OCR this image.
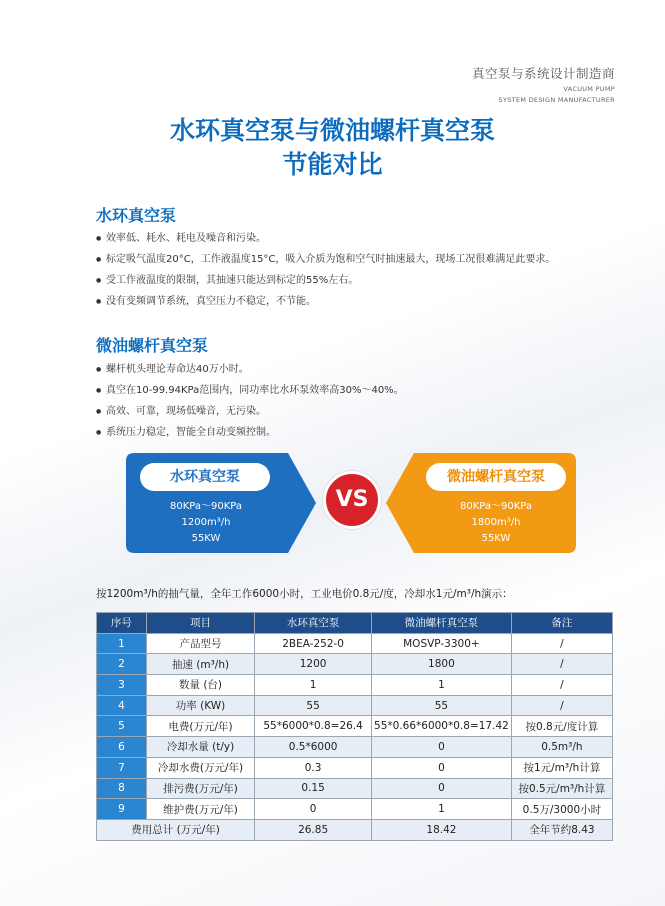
真空泵与系统设计制造商
VACUUM PUMP
SYSTEM DESIGN MANUFACTURER
水环真空泵与微油螺杆真空泵
节能对比
水环真空泵
● 效率低、耗水、耗电及噪音和污染。
● 标定吸气温度20°C，工作液温度15°C，吸入介质为饱和空气时抽速最大，现场工况很难满足此要求。
● 受工作液温度的限制，其抽速只能达到标定的55%左右。
● 没有变频调节系统，真空压力不稳定，不节能。
微油螺杆真空泵
● 螺杆机头理论寿命达40万小时。
● 真空在10-99.94KPa范围内，同功率比水环泵效率高30%～40%。
● 高效、可靠，现场低噪音，无污染。
● 系统压力稳定，智能全自动变频控制。
水环真空泵
80KPa～90KPa
1200m³/h
55KW
微油螺杆真空泵
80KPa～90KPa
1800m³/h
55KW
VS
按1200m³/h的抽气量，全年工作6000小时，工业电价0.8元/度，冷却水1元/m³/h演示：
序号	项目	水环真空泵	微油螺杆真空泵	备注
1	产品型号	2BEA-252-0	MOSVP-3300+	/
2	抽速 (m³/h)	1200	1800	/
3	数量 (台)	1	1	/
4	功率 (KW)	55	55	/
5	电费(万元/年)	55*6000*0.8=26.4	55*0.66*6000*0.8=17.42	按0.8元/度计算
6	冷却水量 (t/y)	0.5*6000	0	0.5m³/h
7	冷却水费(万元/年)	0.3	0	按1元/m³/h计算
8	排污费(万元/年)	0.15	0	按0.5元/m³/h计算
9	维护费(万元/年)	0	1	0.5万/3000小时
费用总计 (万元/年)		26.85	18.42	全年节约8.43
